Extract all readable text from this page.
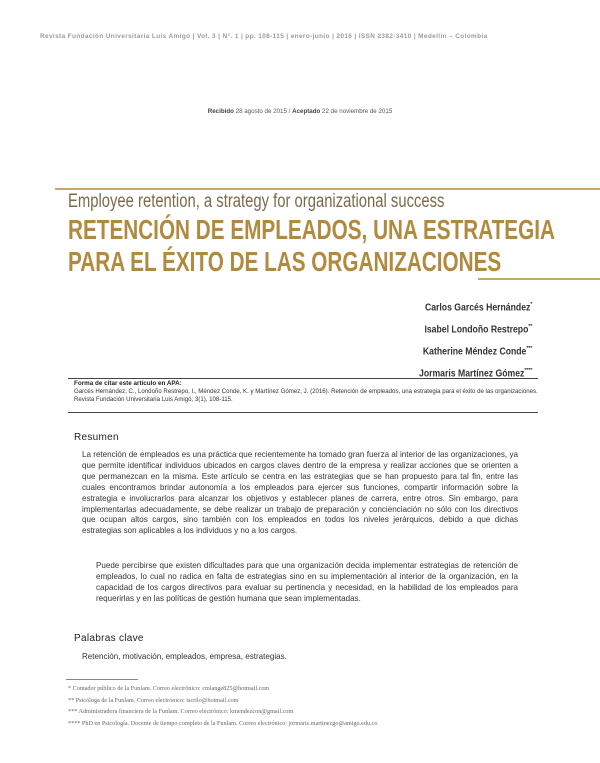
Revista Fundación Universitaria Luis Amigó | Vol. 3 | N°. 1 | pp. 108-115 | enero-junio | 2016 | ISSN 2382-3410 | Medellín – Colombia
Recibido 28 agosto de 2015 / Aceptado 22 de noviembre de 2015
Employee retention, a strategy for organizational success
RETENCIÓN DE EMPLEADOS, UNA ESTRATEGIA
PARA EL ÉXITO DE LAS ORGANIZACIONES
Carlos Garcés Hernández*
Isabel Londoño Restrepo**
Katherine Méndez Conde***
Jormaris Martínez Gómez****
Forma de citar este artículo en APA:
Garcés Hernández, C., Londoño Restrepo, I., Méndez Conde, K. y Martínez Gómez, J. (2016). Retención de empleados, una estrategia para el éxito de las organizaciones. Revista Fundación Universitaria Luis Amigó, 3(1), 108-115.
Resumen
La retención de empleados es una práctica que recientemente ha tomado gran fuerza al interior de las organizaciones, ya que permite identificar individuos ubicados en cargos claves dentro de la empresa y realizar acciones que se orienten a que permanezcan en la misma. Este artículo se centra en las estrategias que se han propuesto para tal fin, entre las cuales encontramos brindar autonomía a los empleados para ejercer sus funciones, compartir información sobre la estrategia e involucrarlos para alcanzar los objetivos y establecer planes de carrera, entre otros. Sin embargo, para implementarlas adecuadamente, se debe realizar un trabajo de preparación y concienciación no sólo con los directivos que ocupan altos cargos, sino también con los empleados en todos los niveles jerárquicos, debido a que dichas estrategias son aplicables a los individuos y no a los cargos.
Puede percibirse que existen dificultades para que una organización decida implementar estrategias de retención de empleados, lo cual no radica en falta de estrategias sino en su implementación al interior de la organización, en la capacidad de los cargos directivos para evaluar su pertinencia y necesidad, en la habilidad de los empleados para requerirlas y en las políticas de gestión humana que sean implementadas.
Palabras clave
Retención, motivación, empleados, empresa, estrategias.
* Contador público de la Funlam. Correo electrónico: cmlange825@hotmail.com
** Psicóloga de la Funlam. Correo electrónico: iscrilo@hotmail.com
*** Administradora financiera de la Funlam. Correo electrónico: kmendezcon@gmail.com
**** PhD en Psicología. Docente de tiempo completo de la Funlam. Correo electrónico: jormaris.martinezgo@amigo.edu.co
